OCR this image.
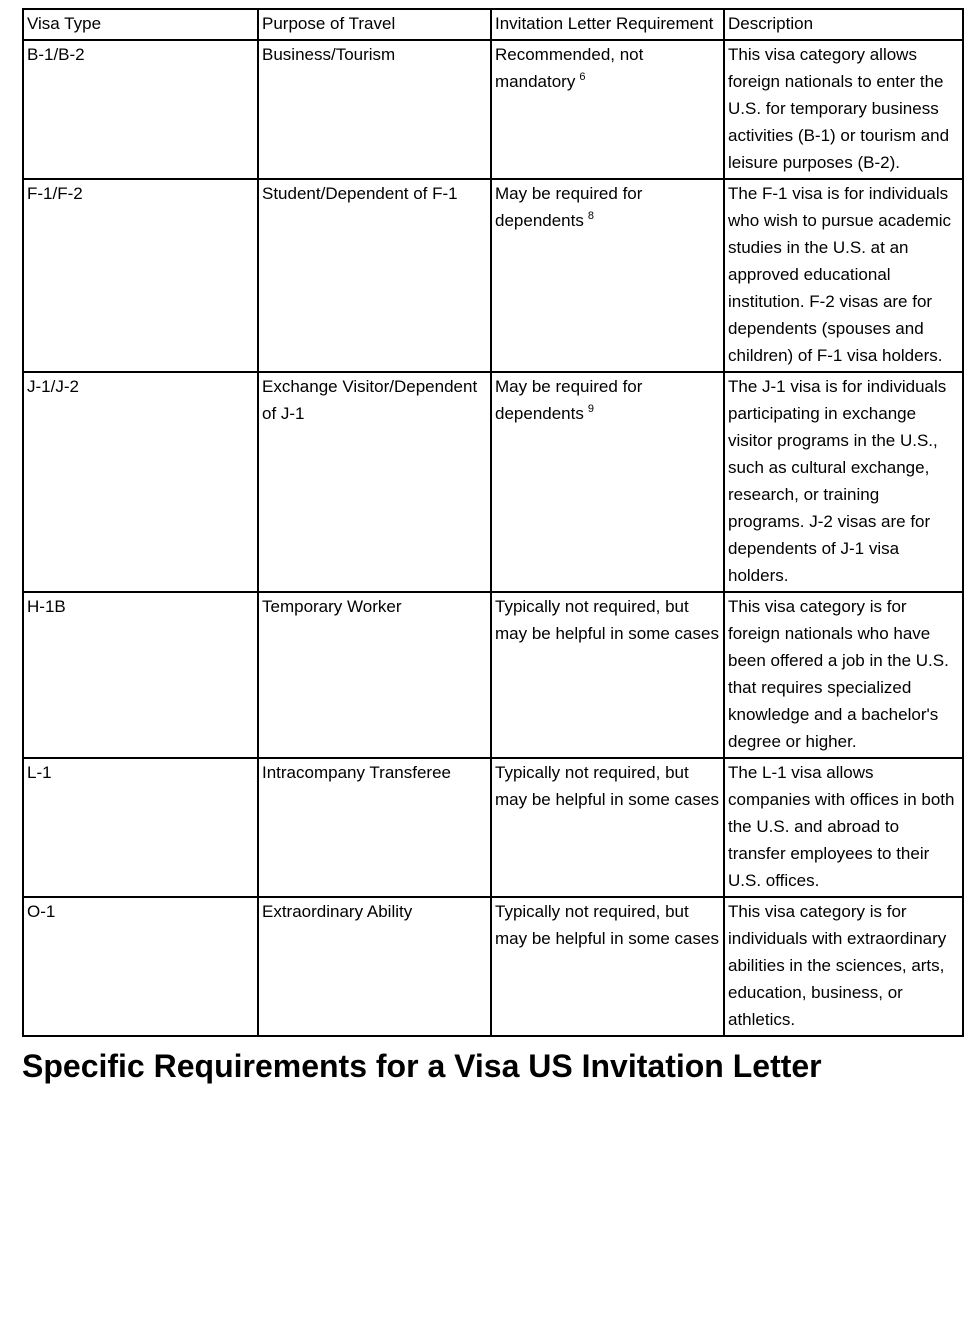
Visa Type	Purpose of Travel	Invitation Letter Requirement	Description
B-1/B-2	Business/Tourism	Recommended, not mandatory $^6$	This visa category allows foreign nationals to enter the U.S. for temporary business activities (B-1) or tourism and leisure purposes (B-2).
F-1/F-2	Student/Dependent of F-1	May be required for dependents $^8$	The F-1 visa is for individuals who wish to pursue academic studies in the U.S. at an approved educational institution. F-2 visas are for dependents (spouses and children) of F-1 visa holders.
J-1/J-2	Exchange Visitor/Dependent of J-1	May be required for dependents $^9$	The J-1 visa is for individuals participating in exchange visitor programs in the U.S., such as cultural exchange, research, or training programs. J-2 visas are for dependents of J-1 visa holders.
H-1B	Temporary Worker	Typically not required, but may be helpful in some cases	This visa category is for foreign nationals who have been offered a job in the U.S. that requires specialized knowledge and a bachelor's degree or higher.
L-1	Intracompany Transferee	Typically not required, but may be helpful in some cases	The L-1 visa allows companies with offices in both the U.S. and abroad to transfer employees to their U.S. offices.
O-1	Extraordinary Ability	Typically not required, but may be helpful in some cases	This visa category is for individuals with extraordinary abilities in the sciences, arts, education, business, or athletics.
Specific Requirements for a Visa US Invitation Letter
